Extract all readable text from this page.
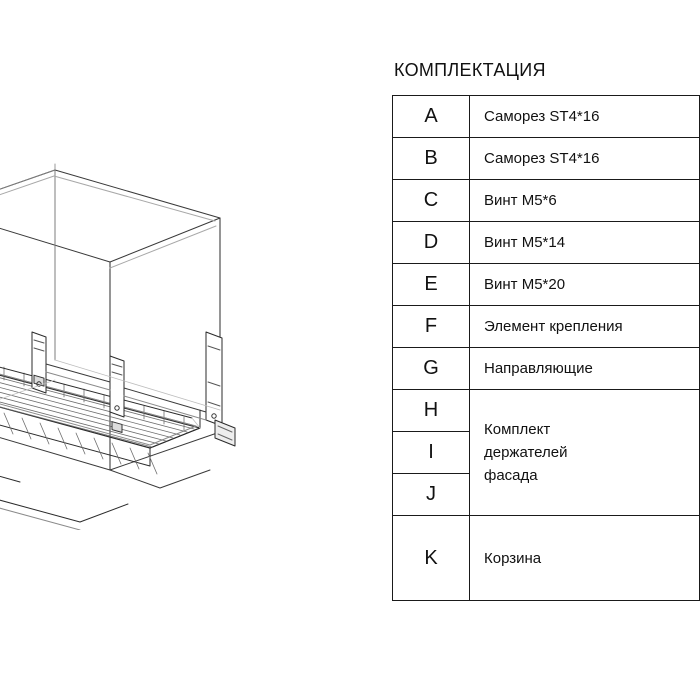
КОМПЛЕКТАЦИЯ
A	Саморез ST4*16
B	Саморез ST4*16
C	Винт M5*6
D	Винт M5*14
E	Винт M5*20
F	Элемент крепления
G	Направляющие
H	Комплект
держателей
фасада

I	
J	
K	Корзина
